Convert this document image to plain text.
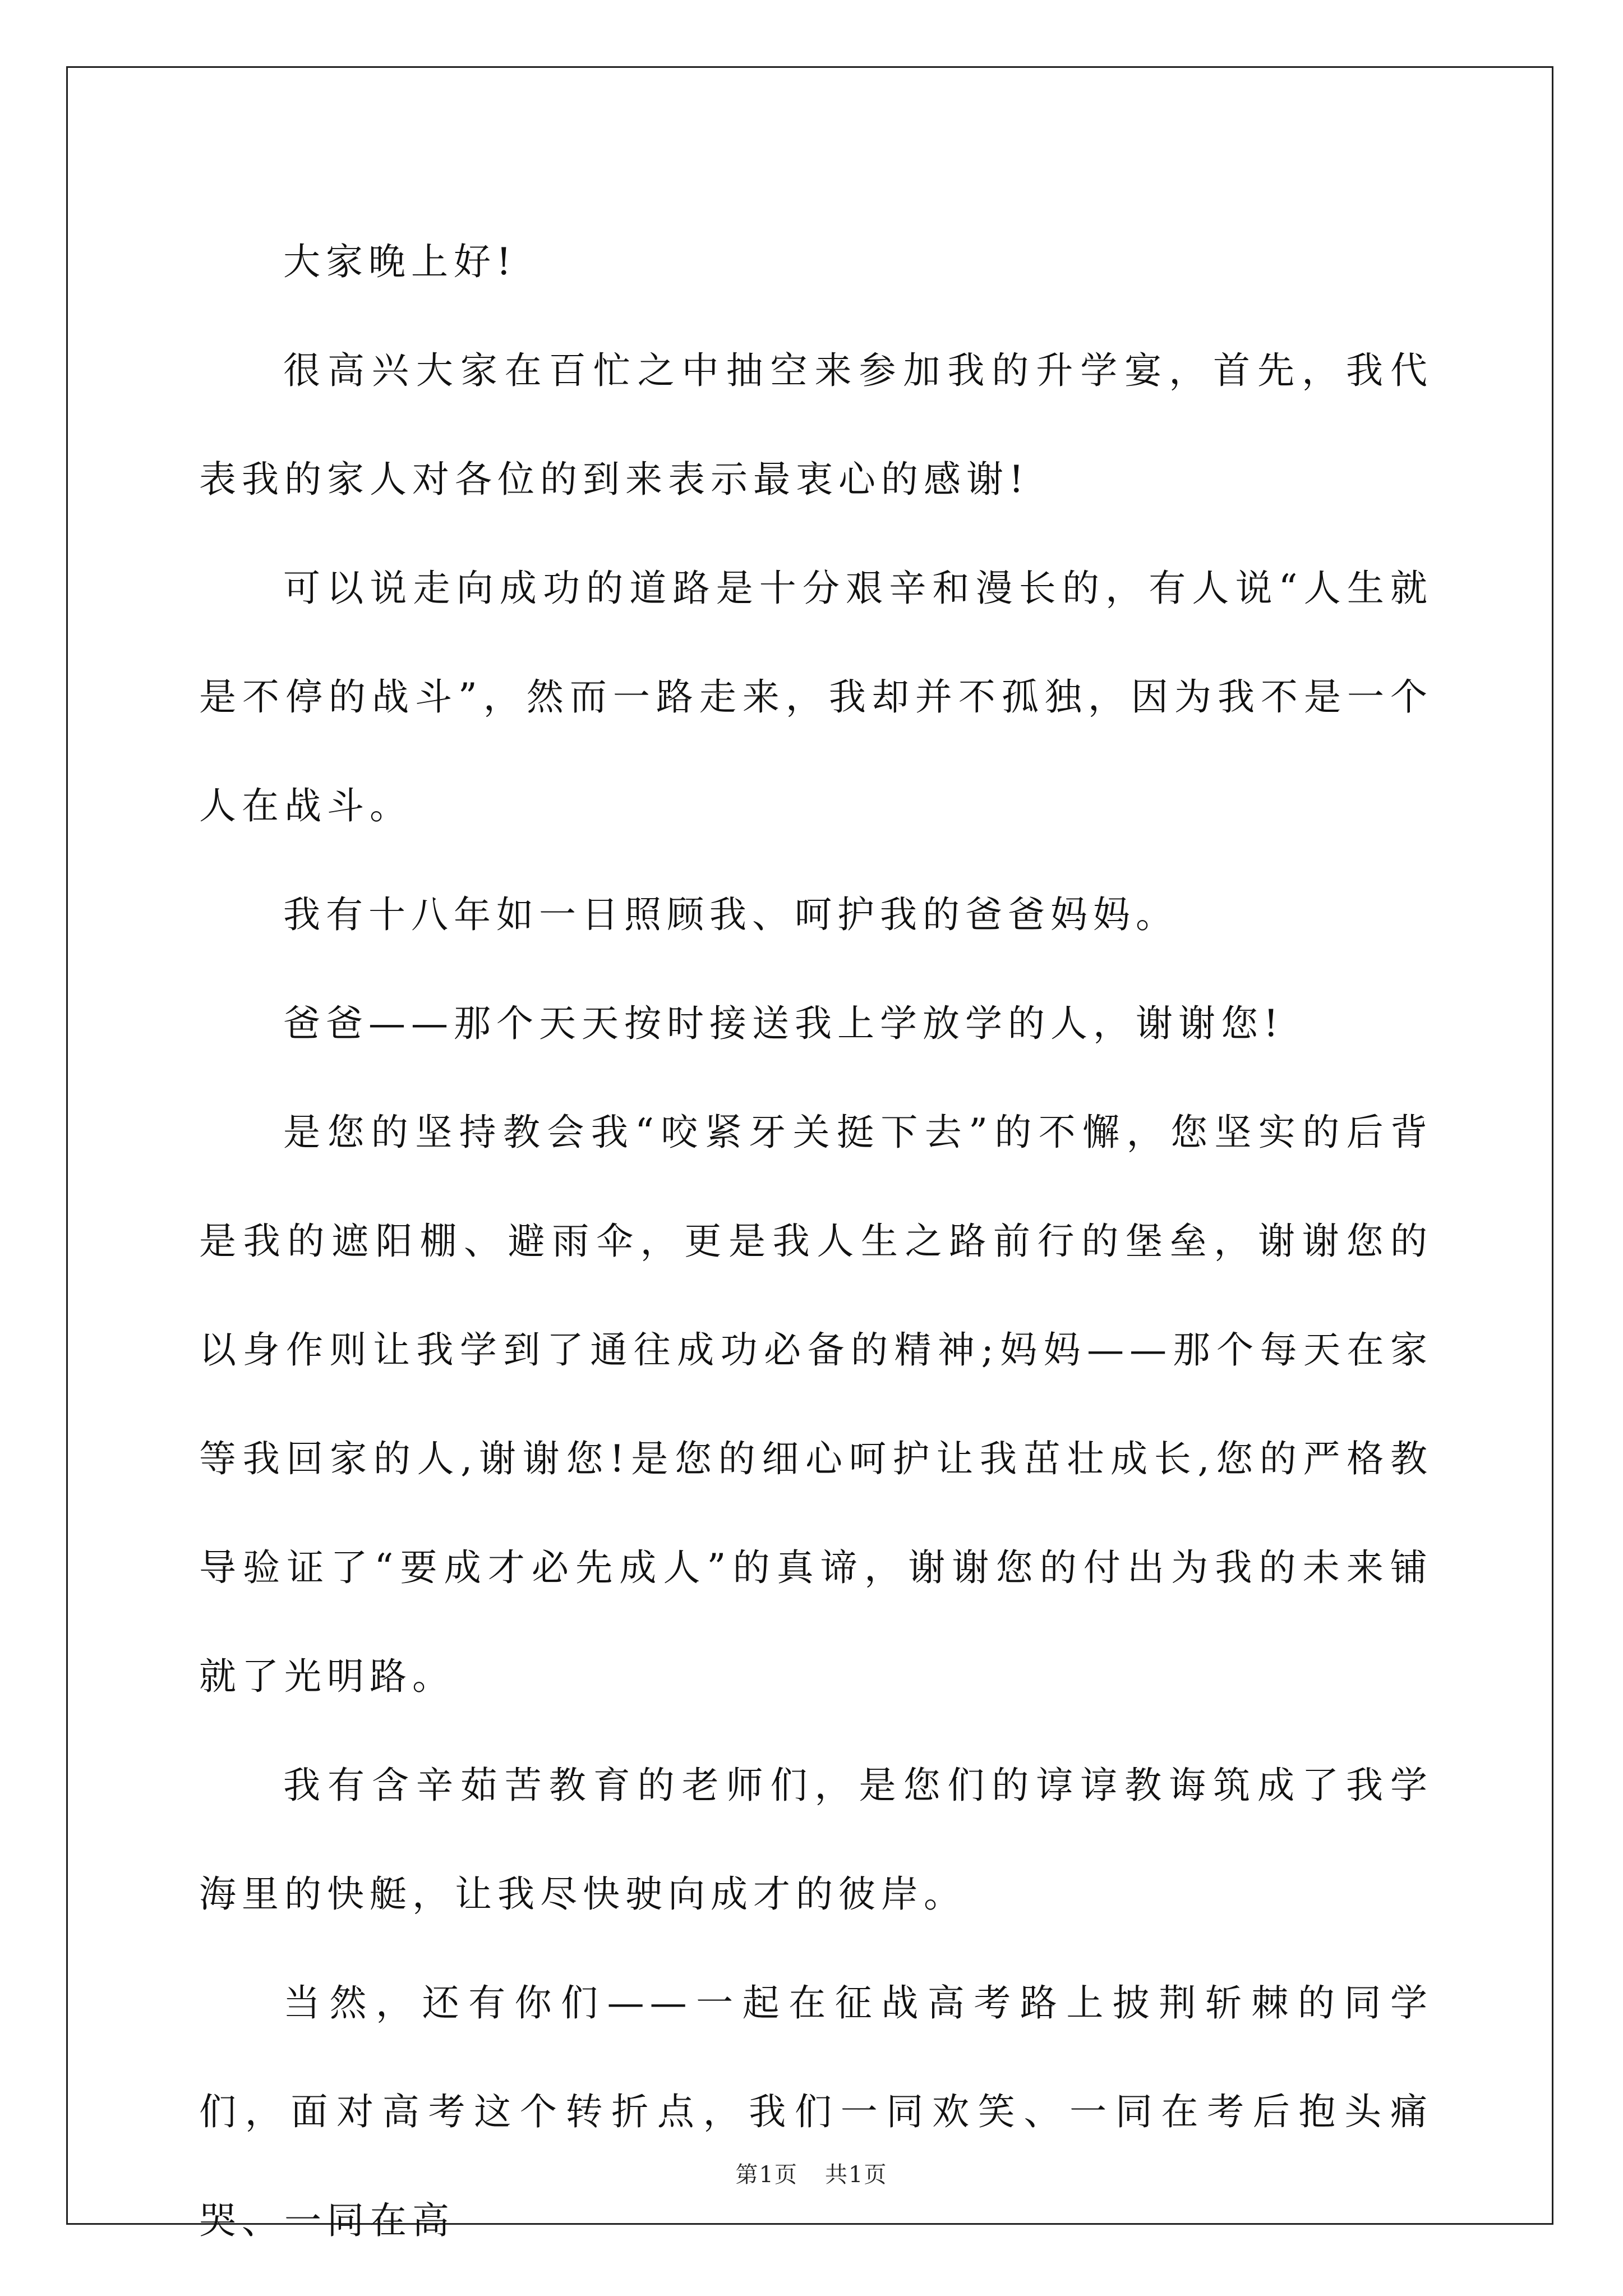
大家晚上好!

很高兴大家在百忙之中抽空来参加我的升学宴，首先，我代表我的家人对各位的到来表示最衷心的感谢!

可以说走向成功的道路是十分艰辛和漫长的，有人说“人生就是不停的战斗”，然而一路走来，我却并不孤独，因为我不是一个人在战斗。

我有十八年如一日照顾我、呵护我的爸爸妈妈。

爸爸——那个天天按时接送我上学放学的人，谢谢您!

是您的坚持教会我“咬紧牙关挺下去”的不懈，您坚实的后背是我的遮阳棚、避雨伞，更是我人生之路前行的堡垒，谢谢您的以身作则让我学到了通往成功必备的精神;妈妈——那个每天在家等我回家的人,谢谢您!是您的细心呵护让我茁壮成长,您的严格教导验证了“要成才必先成人”的真谛，谢谢您的付出为我的未来铺就了光明路。

我有含辛茹苦教育的老师们，是您们的谆谆教诲筑成了我学海里的快艇，让我尽快驶向成才的彼岸。

当然，还有你们——一起在征战高考路上披荆斩棘的同学们，面对高考这个转折点，我们一同欢笑、一同在考后抱头痛哭、一同在高

第1页 共1页
